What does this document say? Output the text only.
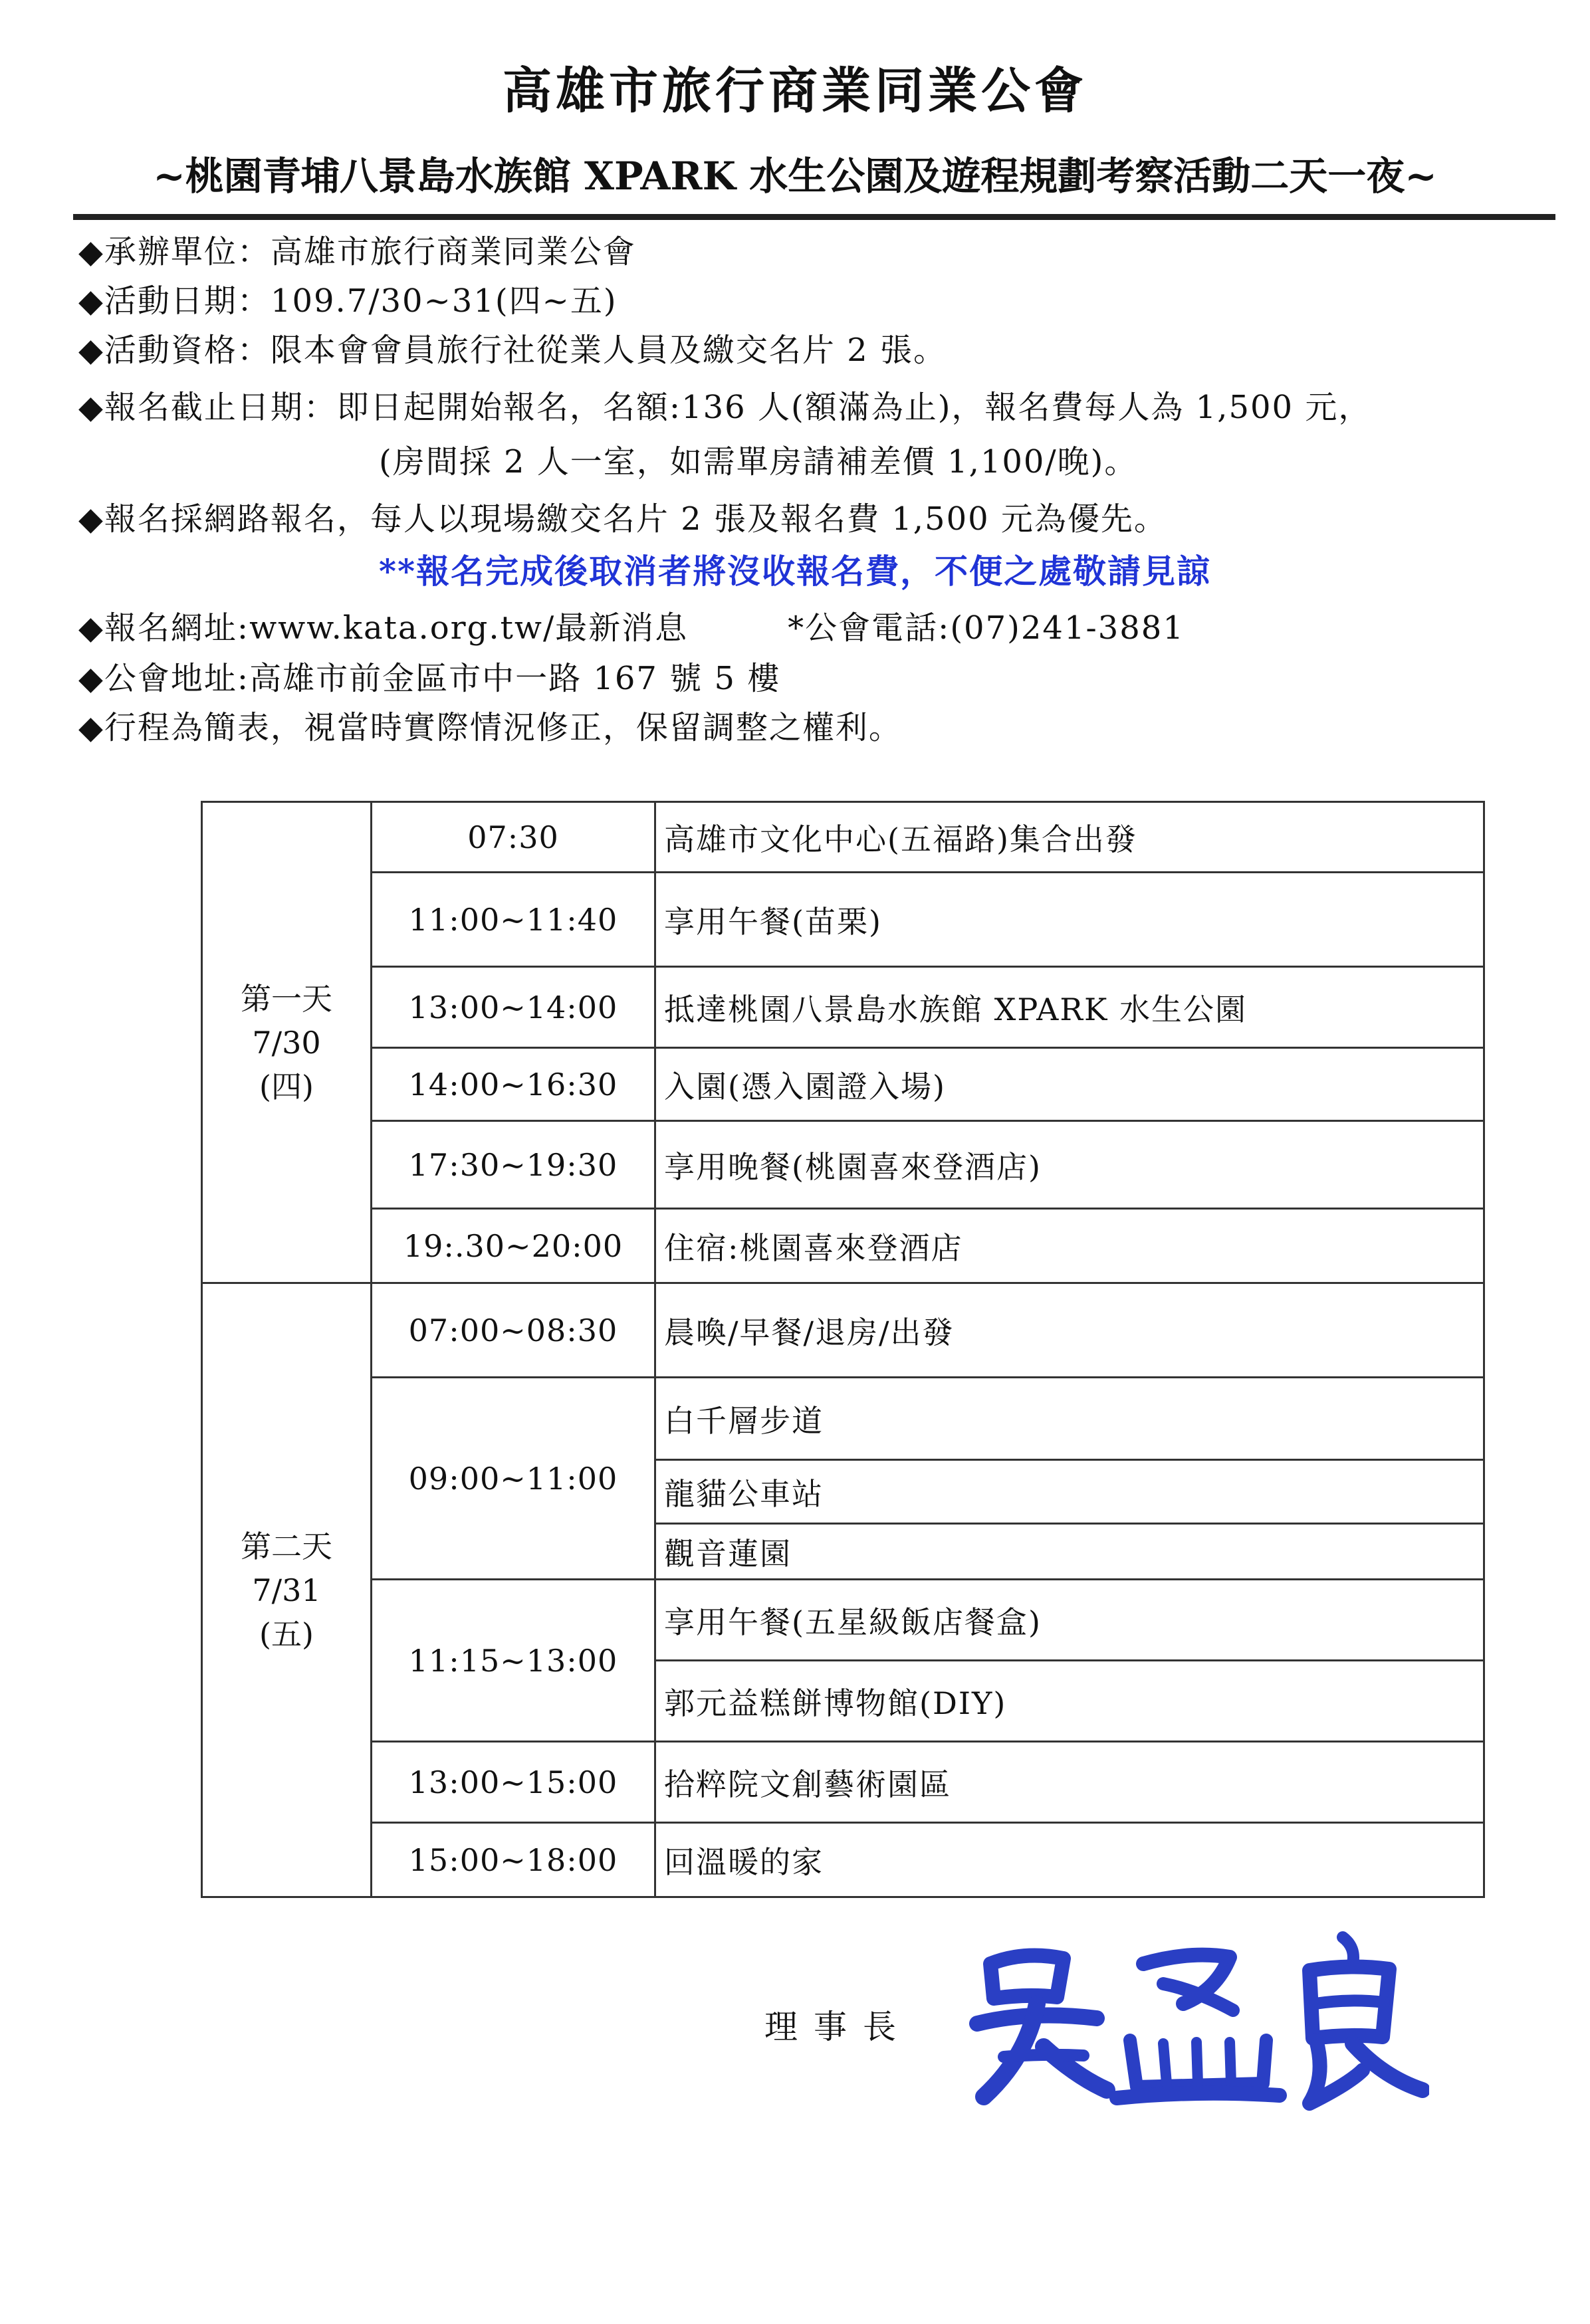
高雄市旅行商業同業公會
~桃園青埔八景島水族館 XPARK 水生公園及遊程規劃考察活動二天一夜~
◆承辦單位：高雄市旅行商業同業公會
◆活動日期：109.7/30~31(四~五)
◆活動資格：限本會會員旅行社從業人員及繳交名片 2 張。
◆報名截止日期：即日起開始報名，名額:136 人(額滿為止)，報名費每人為 1,500 元，
(房間採 2 人一室，如需單房請補差價 1,100/晚)。
◆報名採網路報名，每人以現場繳交名片 2 張及報名費 1,500 元為優先。
**報名完成後取消者將沒收報名費，不便之處敬請見諒
◆報名網址:www.kata.org.tw/最新消息	*公會電話:(07)241-3881
◆公會地址:高雄市前金區市中一路 167 號 5 樓
◆行程為簡表，視當時實際情況修正，保留調整之權利。
第一天
7/30
(四)	07:30	高雄市文化中心(五福路)集合出發
	11:00~11:40	享用午餐(苗栗)
	13:00~14:00	抵達桃園八景島水族館 XPARK 水生公園
	14:00~16:30	入園(憑入園證入場)
	17:30~19:30	享用晚餐(桃園喜來登酒店)
	19:.30~20:00	住宿:桃園喜來登酒店

第二天
7/31
(五)	07:00~08:30	晨喚/早餐/退房/出發
	09:00~11:00	白千層步道
		龍貓公車站
		觀音蓮園
	11:15~13:00	享用午餐(五星級飯店餐盒)
		郭元益糕餅博物館(DIY)
	13:00~15:00	拾粹院文創藝術園區
	15:00~18:00	回溫暖的家
理事長
